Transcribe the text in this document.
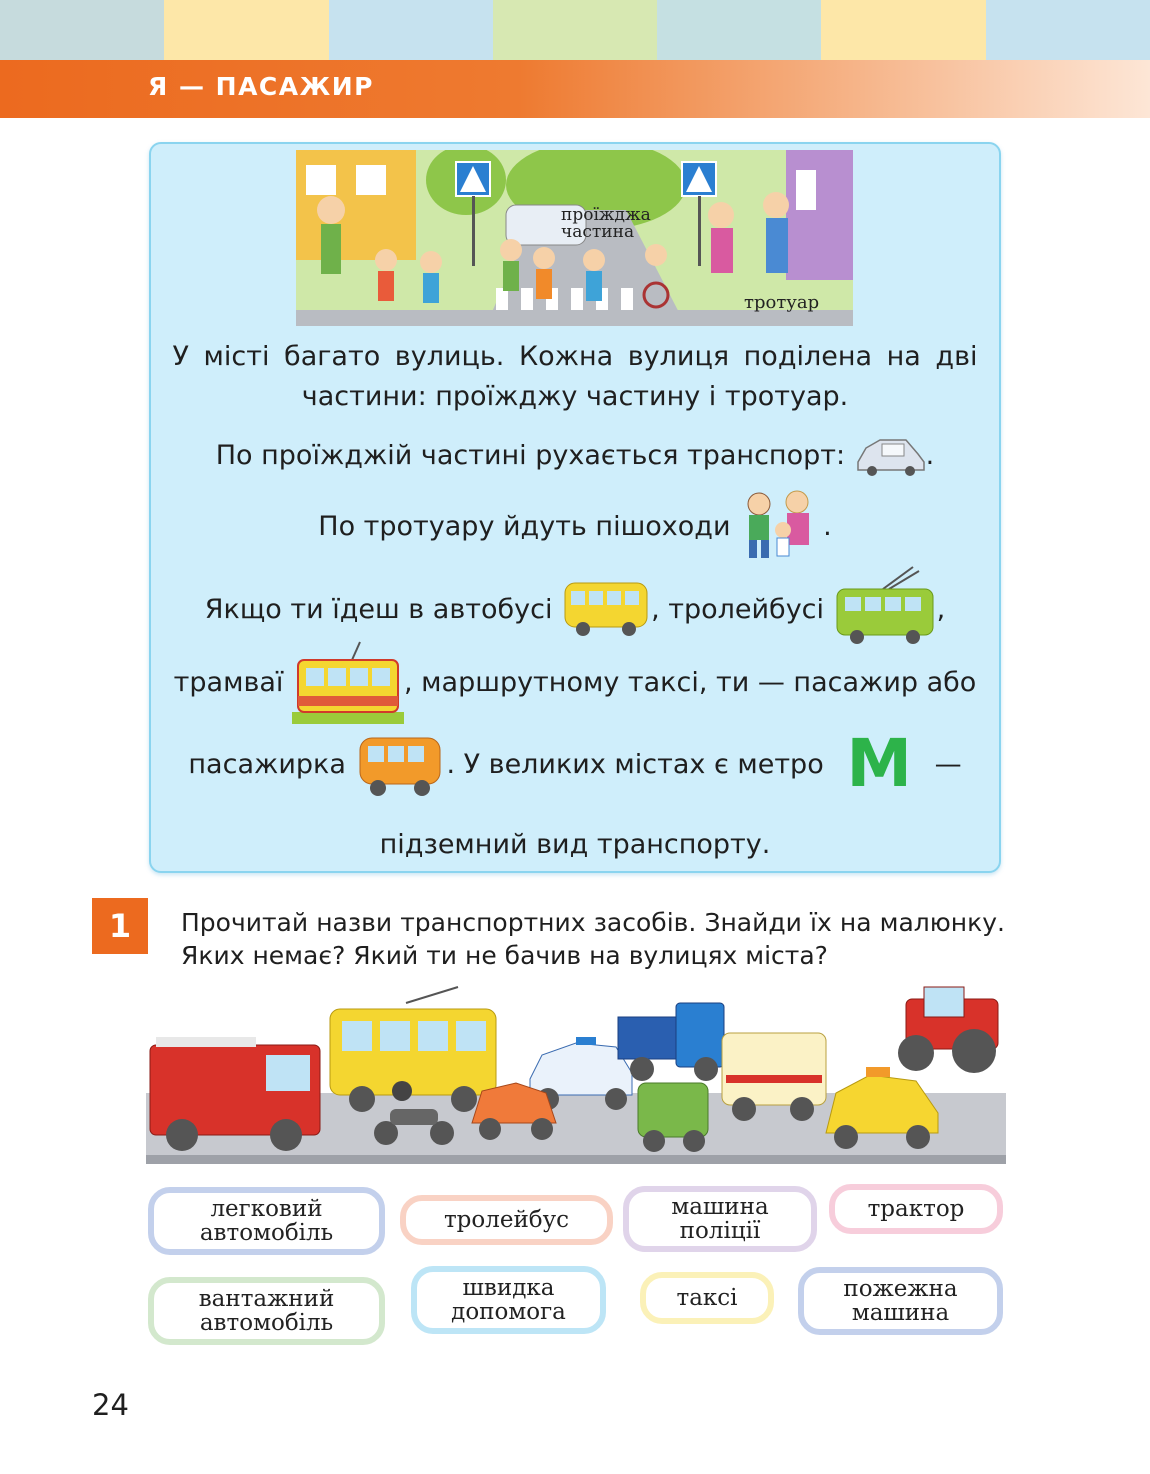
Я — ПАСАЖИР
проїжджа
частина
тротуар
У місті багато вулиць. Кожна вулиця поділена на дві
частини: проїжджу частину і тротуар.
По проїжджій частині рухається транспорт:	.
По тротуару йдуть пішоходи	.
Якщо ти їдеш в автобусі	, тролейбусі	,
трамваї	, маршрутному таксі, ти — пасажир або
пасажирка	. У великих містах є метро М —
підземний вид транспорту.
1	Прочитай назви транспортних засобів. Знайди їх на малюнку. Яких немає? Який ти не бачив на вулицях міста?
легковий
автомобіль	тролейбус	машина
поліції
трактор
вантажний
автомобіль
швидка
допомога
таксі	пожежна
машина
24
